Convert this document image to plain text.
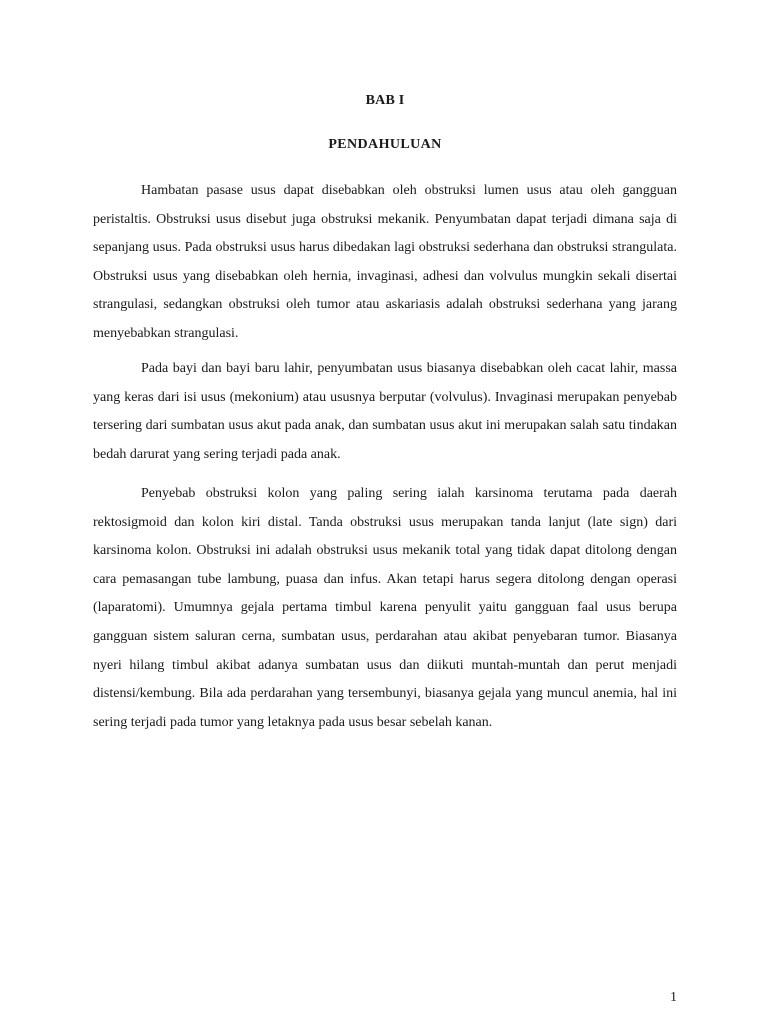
BAB I
PENDAHULUAN

Hambatan pasase usus dapat disebabkan oleh obstruksi lumen usus atau oleh gangguan peristaltis. Obstruksi usus disebut juga obstruksi mekanik. Penyumbatan dapat terjadi dimana saja di sepanjang usus. Pada obstruksi usus harus dibedakan lagi obstruksi sederhana dan obstruksi strangulata. Obstruksi usus yang disebabkan oleh hernia, invaginasi, adhesi dan volvulus mungkin sekali disertai strangulasi, sedangkan obstruksi oleh tumor atau askariasis adalah obstruksi sederhana yang jarang menyebabkan strangulasi.

Pada bayi dan bayi baru lahir, penyumbatan usus biasanya disebabkan oleh cacat lahir, massa yang keras dari isi usus (mekonium) atau ususnya berputar (volvulus). Invaginasi merupakan penyebab tersering dari sumbatan usus akut pada anak, dan sumbatan usus akut ini merupakan salah satu tindakan bedah darurat yang sering terjadi pada anak.

Penyebab obstruksi kolon yang paling sering ialah karsinoma terutama pada daerah rektosigmoid dan kolon kiri distal. Tanda obstruksi usus merupakan tanda lanjut (late sign) dari karsinoma kolon. Obstruksi ini adalah obstruksi usus mekanik total yang tidak dapat ditolong dengan cara pemasangan tube lambung, puasa dan infus. Akan tetapi harus segera ditolong dengan operasi (laparatomi). Umumnya gejala pertama timbul karena penyulit yaitu gangguan faal usus berupa gangguan sistem saluran cerna, sumbatan usus, perdarahan atau akibat penyebaran tumor. Biasanya nyeri hilang timbul akibat adanya sumbatan usus dan diikuti muntah-muntah dan perut menjadi distensi/kembung. Bila ada perdarahan yang tersembunyi, biasanya gejala yang muncul anemia, hal ini sering terjadi pada tumor yang letaknya pada usus besar sebelah kanan.

1
